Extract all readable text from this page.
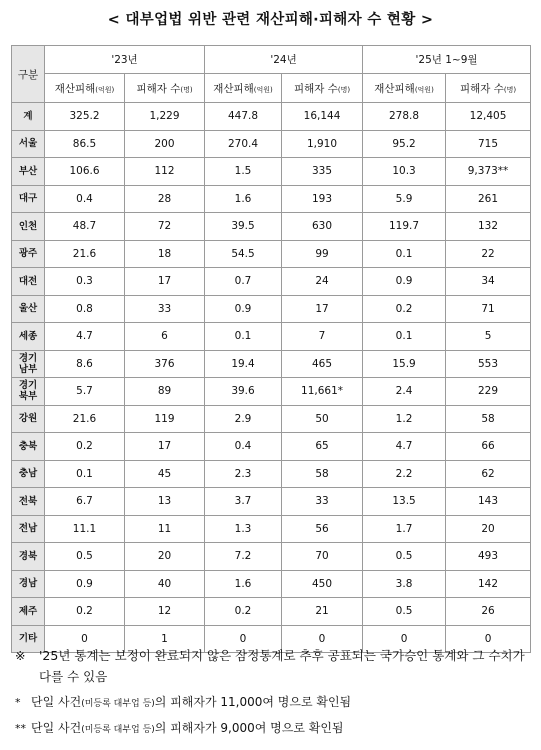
< 대부업법 위반 관련 재산피해·피해자 수 현황 >
구분	'23년		'24년		'25년 1~9월	
	재산피해(억원)	피해자 수(명)	재산피해(억원)	피해자 수(명)	재산피해(억원)	피해자 수(명)

계	325.2	1,229	447.8	16,144	278.8	12,405

서울	86.5	200	270.4	1,910	95.2	715

부산	106.6	112	1.5	335	10.3	9,373**

대구	0.4	28	1.6	193	5.9	261

인천	48.7	72	39.5	630	119.7	132

광주	21.6	18	54.5	99	0.1	22

대전	0.3	17	0.7	24	0.9	34

울산	0.8	33	0.9	17	0.2	71

세종	4.7	6	0.1	7	0.1	5

경기
남부	8.6	376	19.4	465	15.9	553

경기
북부	5.7	89	39.6	11,661*	2.4	229

강원	21.6	119	2.9	50	1.2	58

충북	0.2	17	0.4	65	4.7	66

충남	0.1	45	2.3	58	2.2	62

전북	6.7	13	3.7	33	13.5	143

전남	11.1	11	1.3	56	1.7	20

경북	0.5	20	7.2	70	0.5	493

경남	0.9	40	1.6	450	3.8	142

제주	0.2	12	0.2	21	0.5	26

기타	0	1	0	0	0	0
※	'25년 통계는 보정이 완료되지 않은 잠정통계로 추후 공표되는 국가승인 통계와 그 수치가 다를 수 있음
* 단일 사건(미등록 대부업 등)의 피해자가 11,000여 명으로 확인됨
** 단일 사건(미등록 대부업 등)의 피해자가 9,000여 명으로 확인됨
